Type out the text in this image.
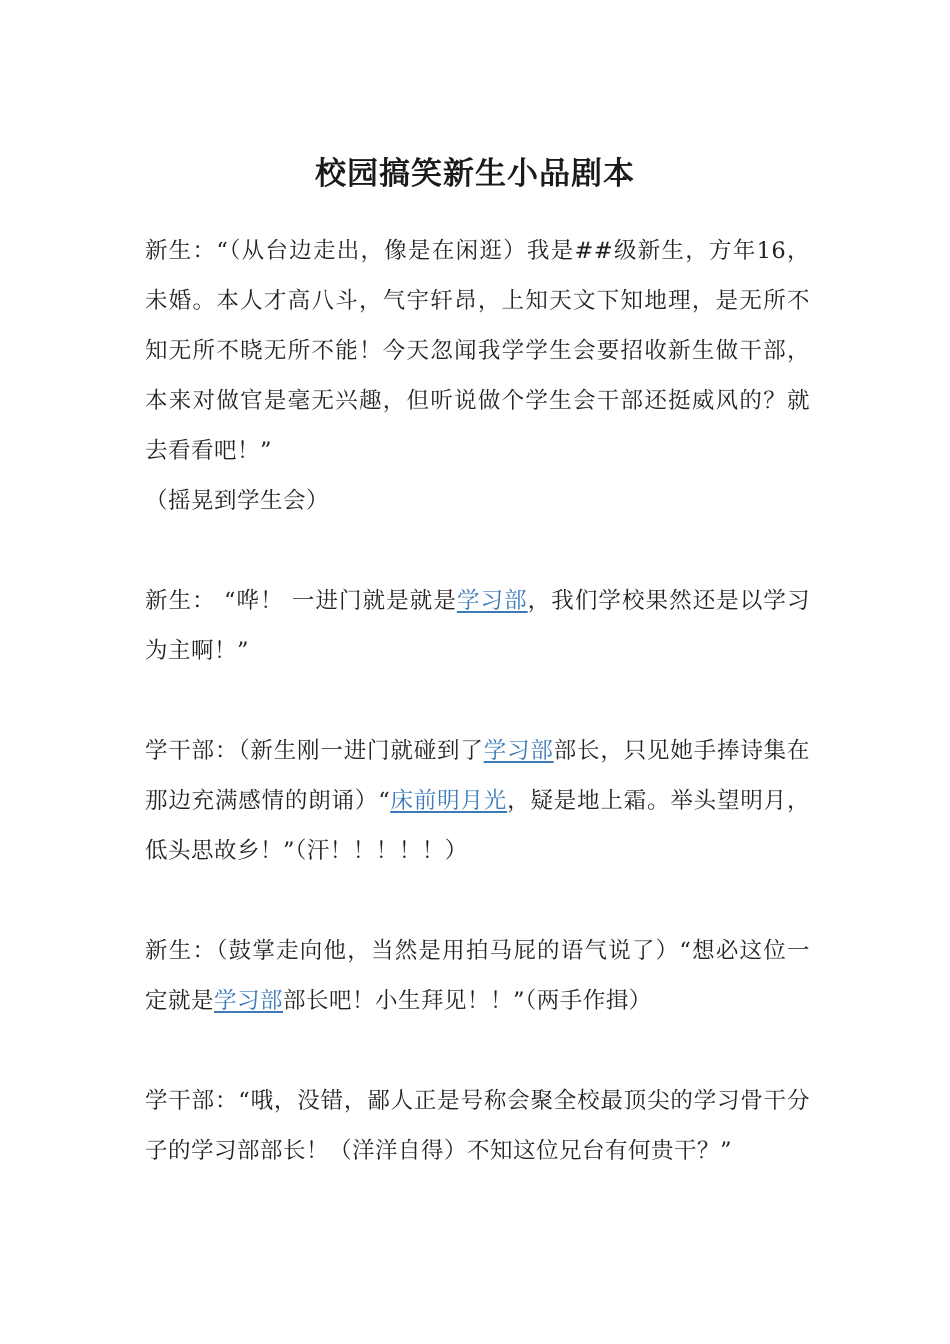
校园搞笑新生小品剧本

新生：“（从台边走出，像是在闲逛）我是##级新生，方年16，未婚。本人才高八斗，气宇轩昂，上知天文下知地理，是无所不知无所不晓无所不能！今天忽闻我学学生会要招收新生做干部，本来对做官是毫无兴趣，但听说做个学生会干部还挺威风的？就去看看吧！”

（摇晃到学生会）

新生： “哗！ 一进门就是就是学习部，我们学校果然还是以学习为主啊！”

学干部：（新生刚一进门就碰到了学习部部长，只见她手捧诗集在那边充满感情的朗诵）“床前明月光，疑是地上霜。举头望明月，低头思故乡！”（汗！！！！！）

新生：（鼓掌走向他，当然是用拍马屁的语气说了）“想必这位一定就是学习部部长吧！小生拜见！！”（两手作揖）

学干部：“哦，没错，鄙人正是号称会聚全校最顶尖的学习骨干分子的学习部部长！（洋洋自得）不知这位兄台有何贵干？”
